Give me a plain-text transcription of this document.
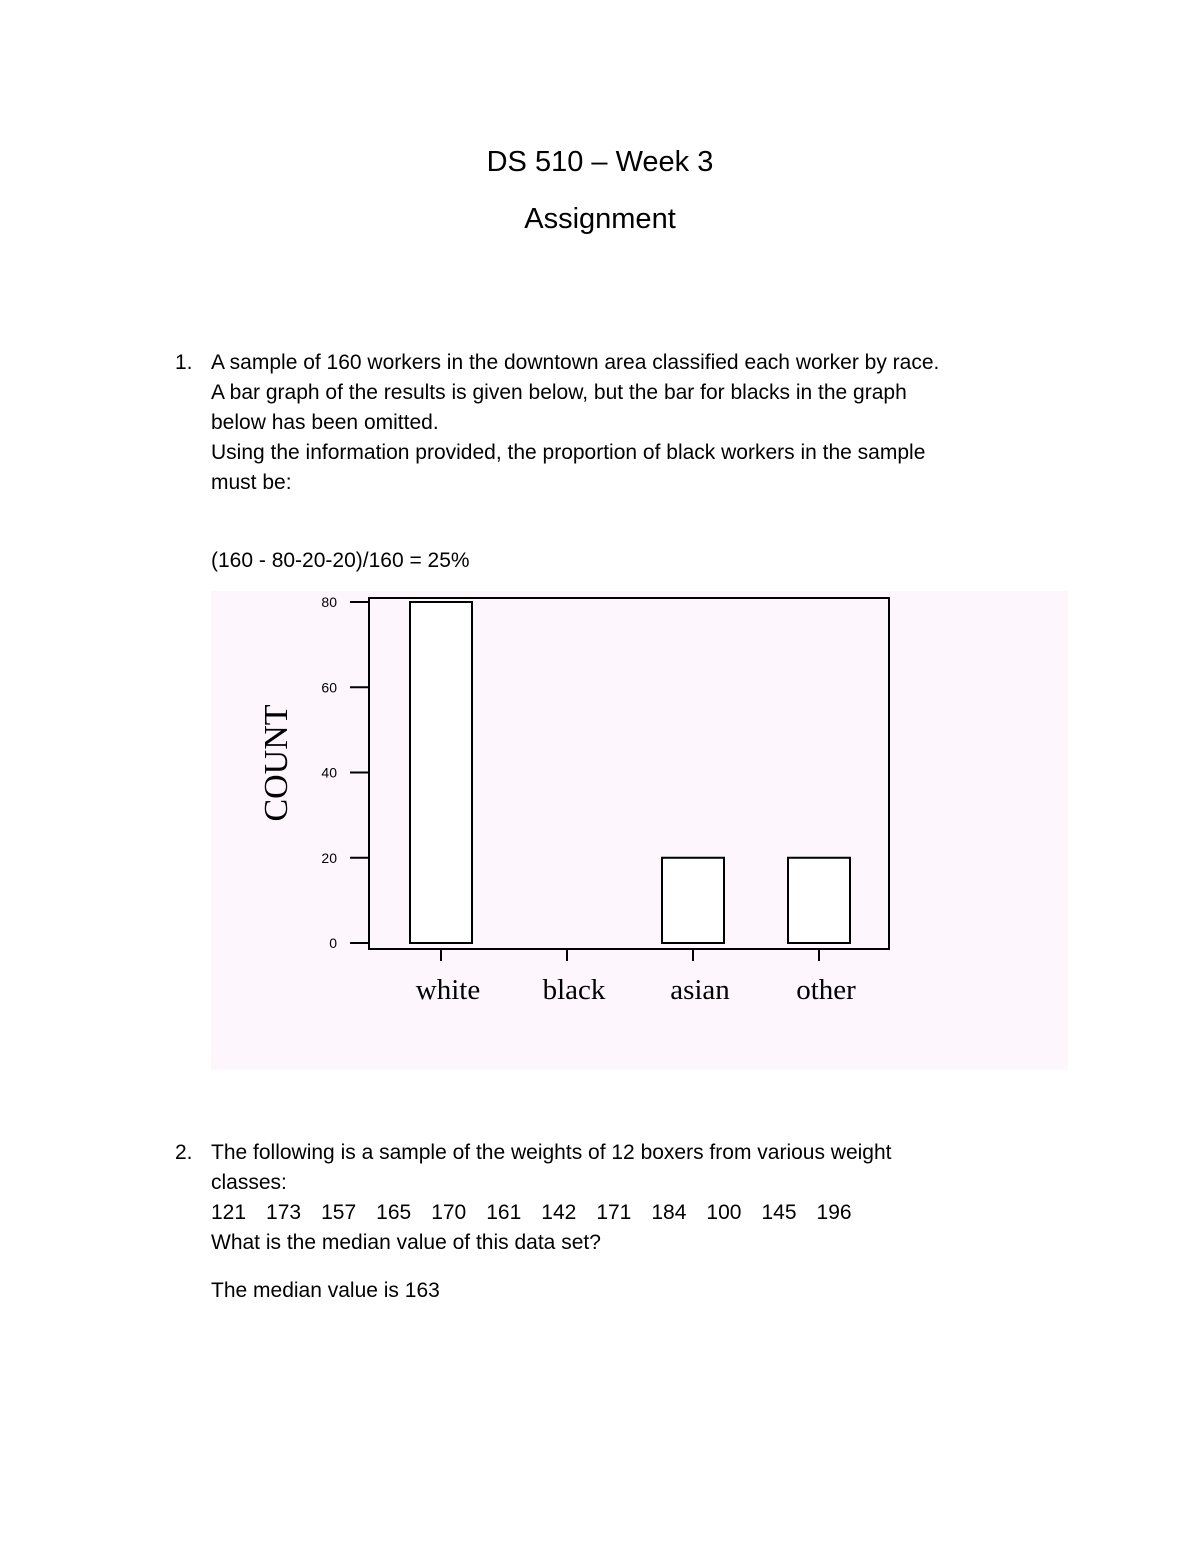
DS 510 – Week 3
Assignment
1. A sample of 160 workers in the downtown area classified each worker by race.

A bar graph of the results is given below, but the bar for blacks in the graph

below has been omitted.

Using the information provided, the proportion of black workers in the sample

must be:

(160 - 80-20-20)/160 = 25%
0
20
40
60
80
COUNT
white black asian other
2. The following is a sample of the weights of 12 boxers from various weight

classes:

121 173 157 165 170 161 142 171 184 100 145 196

What is the median value of this data set?

The median value is 163
